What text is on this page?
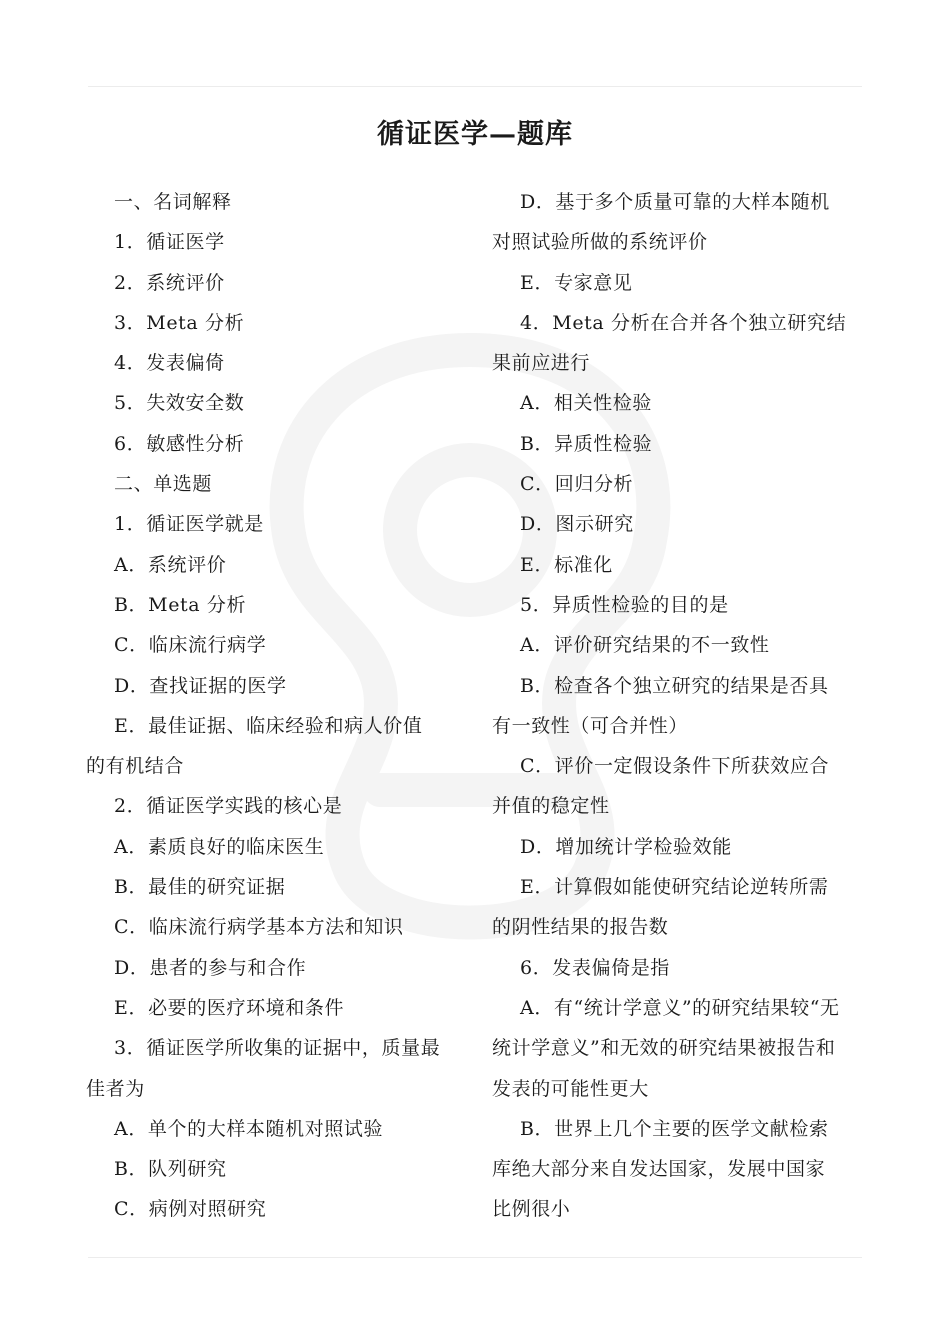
循证医学—题库
一、名词解释
1．循证医学
2．系统评价
3．Meta 分析
4．发表偏倚
5．失效安全数
6．敏感性分析
二、单选题
1．循证医学就是
A．系统评价
B．Meta 分析
C．临床流行病学
D．查找证据的医学
E．最佳证据、临床经验和病人价值
的有机结合
2．循证医学实践的核心是
A．素质良好的临床医生
B．最佳的研究证据
C．临床流行病学基本方法和知识
D．患者的参与和合作
E．必要的医疗环境和条件
3．循证医学所收集的证据中，质量最
佳者为
A．单个的大样本随机对照试验
B．队列研究
C．病例对照研究
D．基于多个质量可靠的大样本随机
对照试验所做的系统评价
E．专家意见
4．Meta 分析在合并各个独立研究结
果前应进行
A．相关性检验
B．异质性检验
C．回归分析
D．图示研究
E．标准化
5．异质性检验的目的是
A．评价研究结果的不一致性
B．检查各个独立研究的结果是否具
有一致性（可合并性）
C．评价一定假设条件下所获效应合
并值的稳定性
D．增加统计学检验效能
E．计算假如能使研究结论逆转所需
的阴性结果的报告数
6．发表偏倚是指
A．有“统计学意义”的研究结果较“无
统计学意义”和无效的研究结果被报告和
发表的可能性更大
B．世界上几个主要的医学文献检索
库绝大部分来自发达国家，发展中国家
比例很小
